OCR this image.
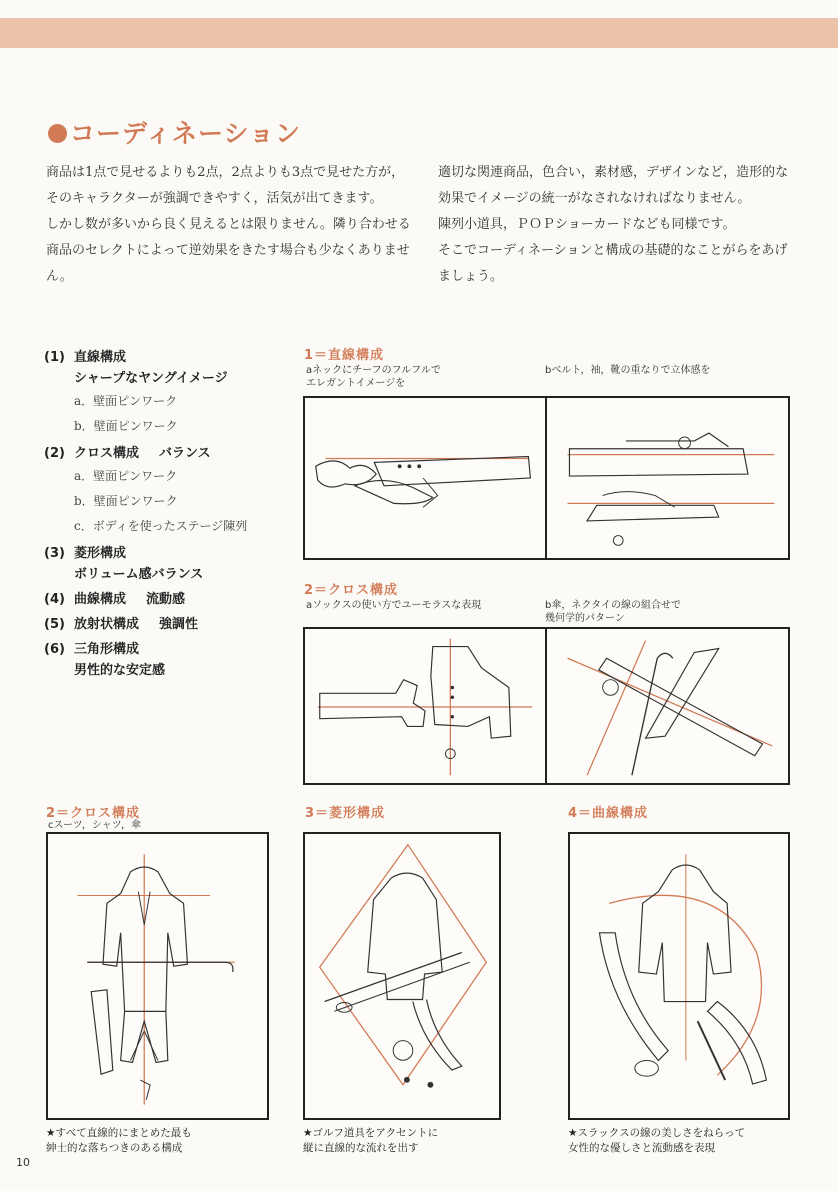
コーディネーション

商品は1点で見せるよりも2点，2点よりも3点で見せた方が，そのキャラクターが強調できやすく，活気が出てきます。

しかし数が多いから良く見えるとは限りません。隣り合わせる商品のセレクトによって逆効果をきたす場合も少なくありません。

適切な関連商品，色合い，素材感，デザインなど，造形的な効果でイメージの統一がなされなければなりません。

陳列小道具，ＰＯＰショーカードなども同様です。

そこでコーディネーションと構成の基礎的なことがらをあげましょう。

(1) 直線構成
シャープなヤングイメージ
a．壁面ピンワーク
b．壁面ピンワーク
(2) クロス構成 バランス
a．壁面ピンワーク
b．壁面ピンワーク
c．ボディを使ったステージ陳列
(3) 菱形構成
ボリューム感バランス
(4) 曲線構成 流動感
(5) 放射状構成 強調性
(6) 三角形構成
男性的な安定感
1＝直線構成
aネックにチーフのフルフルで
エレガントイメージを
bベルト，袖，靴の重なりで立体感を
2＝クロス構成
aソックスの使い方でユーモラスな表現	b傘，ネクタイの線の組合せで
幾何学的パターン
2＝クロス構成
cスーツ，シャツ，傘
3＝菱形構成	4＝曲線構成
★すべて直線的にまとめた最も
紳士的な落ちつきのある構成
★ゴルフ道具をアクセントに
縦に直線的な流れを出す
★スラックスの線の美しさをねらって
女性的な優しさと流動感を表現
10
